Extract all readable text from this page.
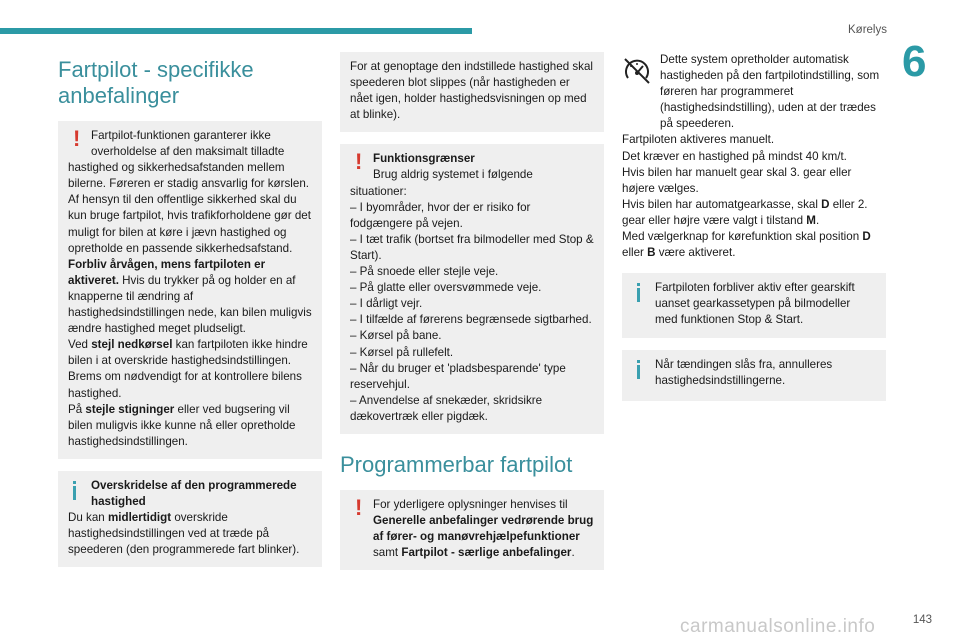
Kørelys
6
Fartpilot - specifikke anbefalinger
! Fartpilot-funktionen garanterer ikke

overholdelse af den maksimalt tilladte

hastighed og sikkerhedsafstanden mellem bilerne. Føreren er stadig ansvarlig for kørslen.

Af hensyn til den offentlige sikkerhed skal du kun bruge fartpilot, hvis trafikforholdene gør det muligt for bilen at køre i jævn hastighed og opretholde en passende sikkerhedsafstand.

Forbliv årvågen, mens fartpiloten er aktiveret. Hvis du trykker på og holder en af knapperne til ændring af hastighedsindstillingen nede, kan bilen muligvis ændre hastighed meget pludseligt.

Ved stejl nedkørsel kan fartpiloten ikke hindre bilen i at overskride hastighedsindstillingen. Brems om nødvendigt for at kontrollere bilens hastighed.

På stejle stigninger eller ved bugsering vil bilen muligvis ikke kunne nå eller opretholde hastighedsindstillingen.

Overskridelse af den programmerede hastighed

Du kan midlertidigt overskride hastighedsindstillingen ved at træde på speederen (den programmerede fart blinker).

For at genoptage den indstillede hastighed skal speederen blot slippes (når hastigheden er nået igen, holder hastighedsvisningen op med at blinke).

! Funktionsgrænser

Brug aldrig systemet i følgende

situationer:

– I byområder, hvor der er risiko for fodgængere på vejen.

– I tæt trafik (bortset fra bilmodeller med Stop & Start).

– På snoede eller stejle veje.

– På glatte eller oversvømmede veje.

– I dårligt vejr.

– I tilfælde af førerens begrænsede sigtbarhed.

– Kørsel på bane.

– Kørsel på rullefelt.

– Når du bruger et 'pladsbesparende' type reservehjul.

– Anvendelse af snekæder, skridsikre dækovertræk eller pigdæk.

Programmerbar fartpilot
! For yderligere oplysninger henvises til

Generelle anbefalinger vedrørende brug af fører- og manøvrehjælpefunktioner samt Fartpilot - særlige anbefalinger.

Dette system opretholder automatisk hastigheden på den fartpilotindstilling, som føreren har programmeret (hastighedsindstilling), uden at der trædes på speederen.

Fartpiloten aktiveres manuelt.

Det kræver en hastighed på mindst 40 km/t.

Hvis bilen har manuelt gear skal 3. gear eller højere vælges.

Hvis bilen har automatgearkasse, skal D eller 2. gear eller højre være valgt i tilstand M.

Med vælgerknap for kørefunktion skal position D eller B være aktiveret.

Fartpiloten forbliver aktiv efter gearskift uanset gearkassetypen på bilmodeller med funktionen Stop & Start.

Når tændingen slås fra, annulleres hastighedsindstillingerne.

143
carmanualsonline.info
